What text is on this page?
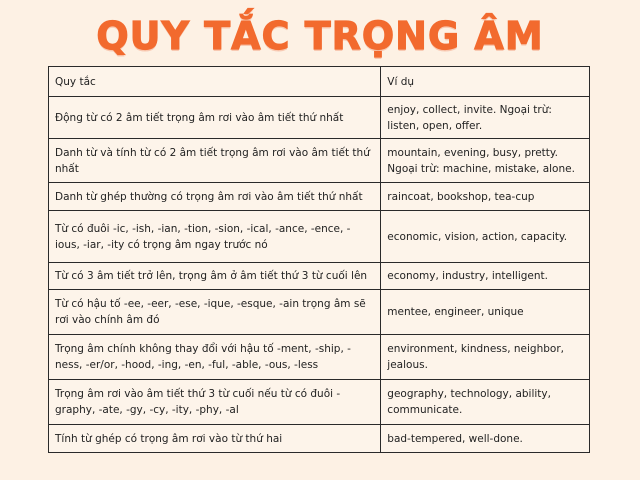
QUY TẮC TRỌNG ÂM
Quy tắc	Ví dụ
Động từ có 2 âm tiết trọng âm rơi vào âm tiết thứ nhất	enjoy, collect, invite. Ngoại trừ: listen, open, offer.
Danh từ và tính từ có 2 âm tiết trọng âm rơi vào âm tiết thứ nhất	mountain, evening, busy, pretty. Ngoại trừ: machine, mistake, alone.
Danh từ ghép thường có trọng âm rơi vào âm tiết thứ nhất	raincoat, bookshop, tea-cup
Từ có đuôi -ic, -ish, -ian, -tion, -sion, -ical, -ance, -ence, -ious, -iar, -ity có trọng âm ngay trước nó	economic, vision, action, capacity.
Từ có 3 âm tiết trở lên, trọng âm ở âm tiết thứ 3 từ cuối lên	economy, industry, intelligent.
Từ có hậu tố -ee, -eer, -ese, -ique, -esque, -ain trọng âm sẽ rơi vào chính âm đó	mentee, engineer, unique
Trọng âm chính không thay đổi với hậu tố -ment, -ship, -ness, -er/or, -hood, -ing, -en, -ful, -able, -ous, -less	environment, kindness, neighbor, jealous.
Trọng âm rơi vào âm tiết thứ 3 từ cuối nếu từ có đuôi -graphy, -ate, -gy, -cy, -ity, -phy, -al	geography, technology, ability, communicate.
Tính từ ghép có trọng âm rơi vào từ thứ hai	bad-tempered, well-done.
